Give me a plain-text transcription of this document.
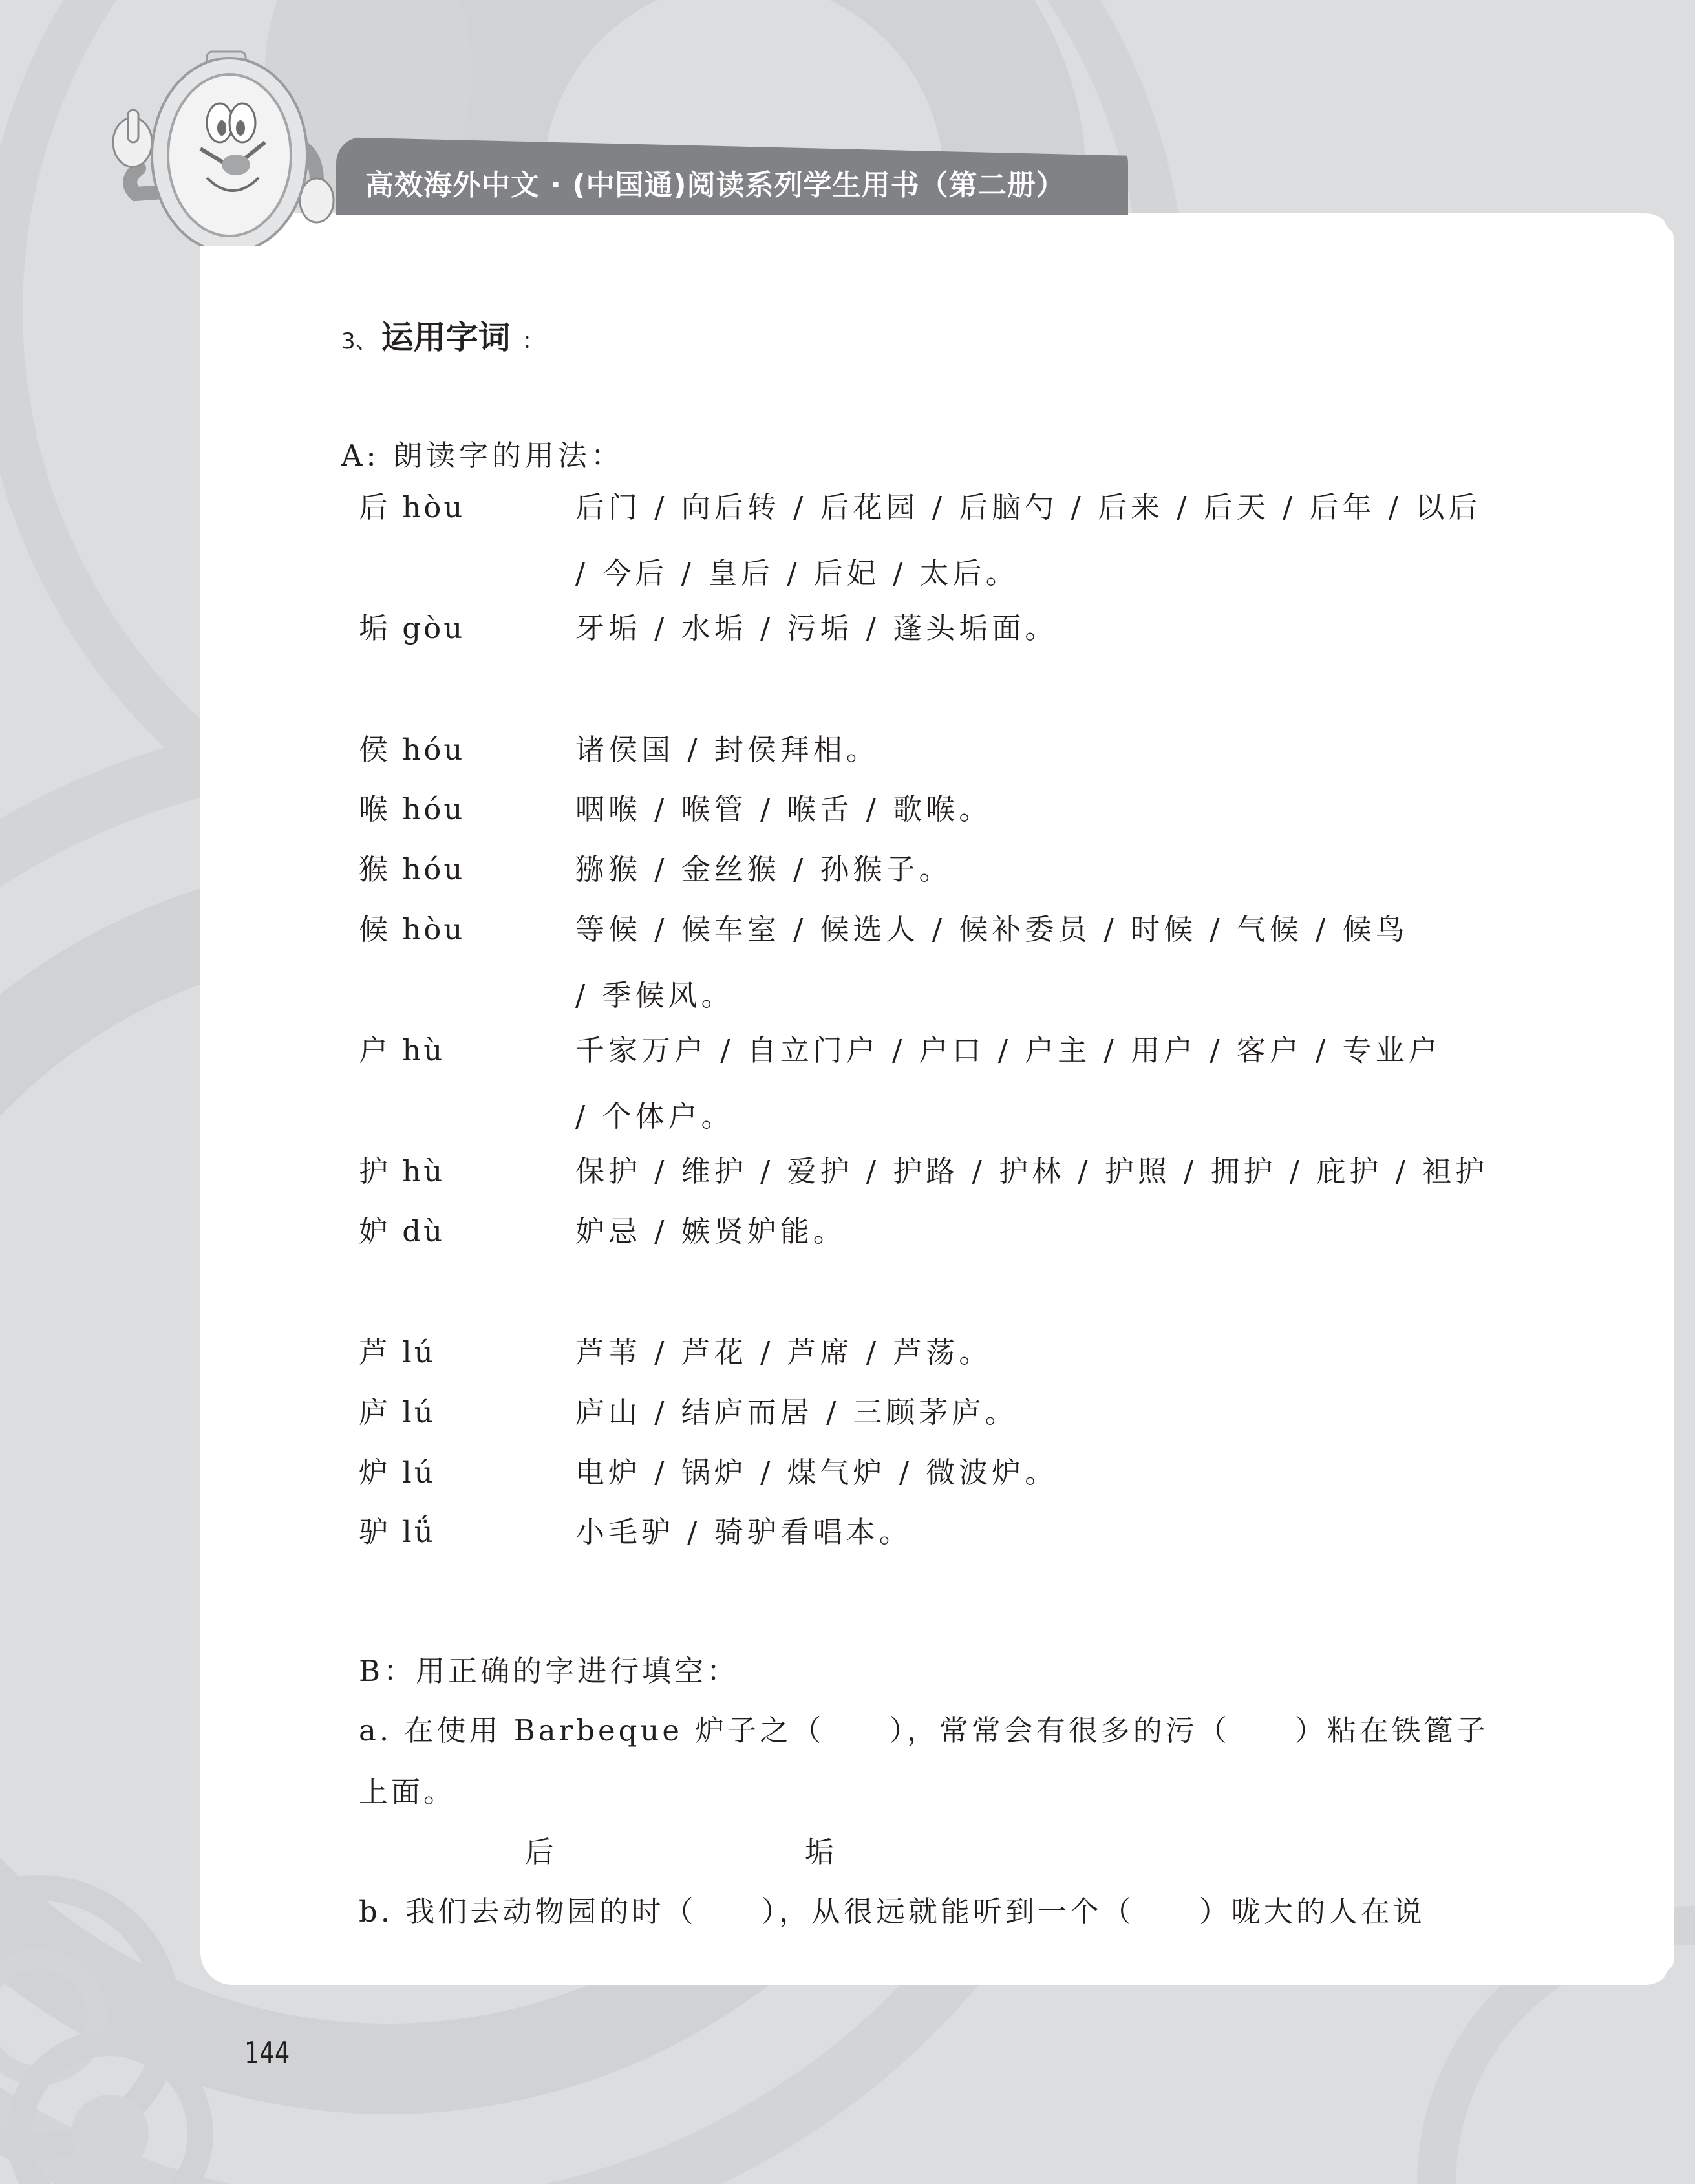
高效海外中文 · (中国通)阅读系列学生用书（第二册）
3、 运用字词 ：
A: 朗读字的用法：
后 hòu	后门 / 向后转 / 后花园 / 后脑勺 / 后来 / 后天 / 后年 / 以后
/ 今后 / 皇后 / 后妃 / 太后。
垢 gòu	牙垢 / 水垢 / 污垢 / 蓬头垢面。
侯 hóu	诸侯国 / 封侯拜相。
喉 hóu	咽喉 / 喉管 / 喉舌 / 歌喉。
猴 hóu	猕猴 / 金丝猴 / 孙猴子。
候 hòu	等候 / 候车室 / 候选人 / 候补委员 / 时候 / 气候 / 候鸟
/ 季候风。
户 hù	千家万户 / 自立门户 / 户口 / 户主 / 用户 / 客户 / 专业户
/ 个体户。
护 hù	保护 / 维护 / 爱护 / 护路 / 护林 / 护照 / 拥护 / 庇护 / 袒护
妒 dù	妒忌 / 嫉贤妒能。
芦 lú	芦苇 / 芦花 / 芦席 / 芦荡。
庐 lú	庐山 / 结庐而居 / 三顾茅庐。
炉 lú	电炉 / 锅炉 / 煤气炉 / 微波炉。
驴 lǘ	小毛驴 / 骑驴看唱本。
B：用正确的字进行填空：
a. 在使用 Barbeque 炉子之（　　），常常会有很多的污（　　）粘在铁篦子
上面。
后	垢
b. 我们去动物园的时（　　），从很远就能听到一个（　　）咙大的人在说
144
